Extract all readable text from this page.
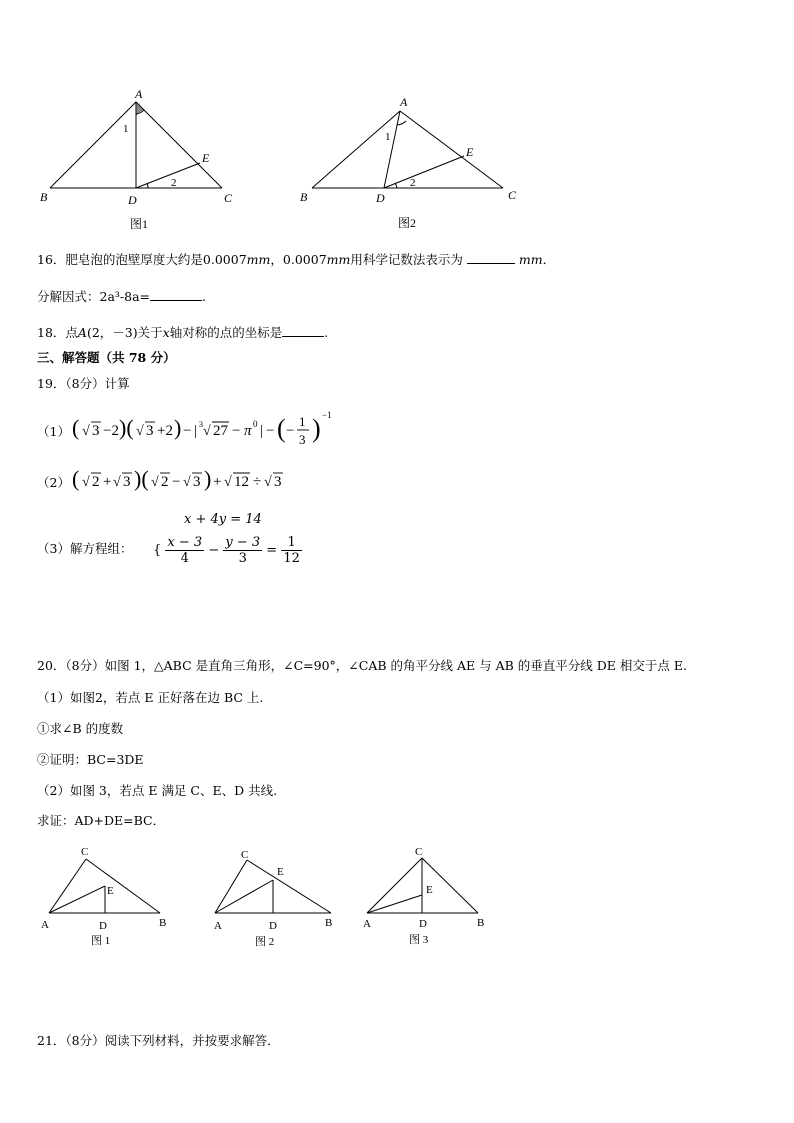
A
B	C
D
E
1
2
图1
A
B	C
D
E
1
2
图2
16．肥皂泡的泡壁厚度大约是0.0007mm，0.0007mm用科学记数法表示为	mm．
分解因式：2a³-8a=	.
18．点A(2，－3)关于x轴对称的点的坐标是	.
三、解答题（共 78 分）
19．（8分）计算
（1） ( √ 3 −2 )( √ 3 +2 ) − | 3 √ 27 − π 0 | − ( −
1
3 ) −1
（2） ( √ 2 + √ 3 )( √ 2 − √ 3 ) + √ 12 ÷ √ 3
（3）解方程组：
x + 4y = 14
{ $\frac{x - 3}{4} - \frac{y - 3}{3} = \frac{1}{12}$
20．（8分）如图 1，△ABC 是直角三角形，∠C=90°，∠CAB 的角平分线 AE 与 AB 的垂直平分线 DE 相交于点 E.
（1）如图2，若点 E 正好落在边 BC 上.
①求∠B 的度数
②证明：BC=3DE
（2）如图 3，若点 E 满足 C、E、D 共线.
求证：AD+DE=BC．
A	B
C
D
E
图 1
A	B
C
D
E
图 2
A	B
C
D
E
图 3
21．（8分）阅读下列材料，并按要求解答．
